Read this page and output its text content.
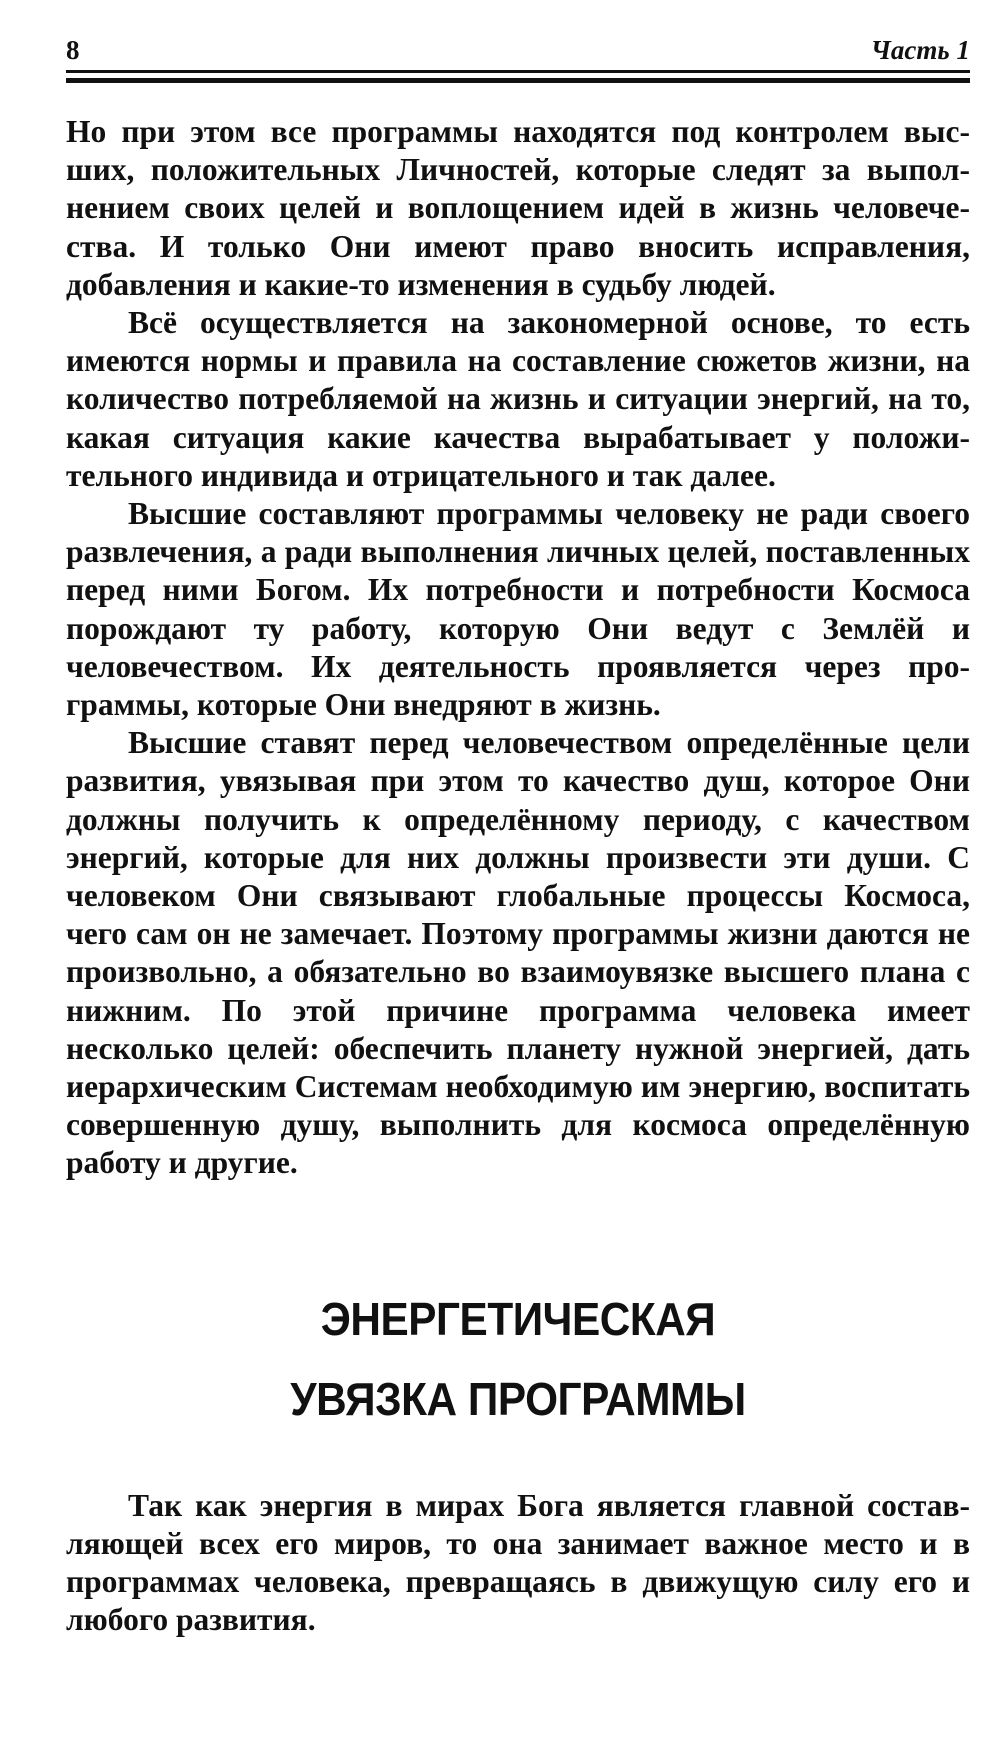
8	Часть 1

Но при этом все программы находятся под контролем высших, положительных Личностей, которые следят за выполнением своих целей и воплощением идей в жизнь человечества. И только Они имеют право вносить исправления, добавления и какие-то изменения в судьбу людей.

Всё осуществляется на закономерной основе, то есть имеются нормы и правила на составление сюжетов жизни, на количество потребляемой на жизнь и ситуации энергий, на то, какая ситуация какие качества вырабатывает у положительного индивида и отрицательного и так далее.

Высшие составляют программы человеку не ради своего развлечения, а ради выполнения личных целей, поставленных перед ними Богом. Их потребности и потребности Космоса порождают ту работу, которую Они ведут с Землёй и человечеством. Их деятельность проявляется через программы, которые Они внедряют в жизнь.

Высшие ставят перед человечеством определённые цели развития, увязывая при этом то качество душ, которое Они должны получить к определённому периоду, с качеством энергий, которые для них должны произвести эти души. С человеком Они связывают глобальные процессы Космоса, чего сам он не замечает. Поэтому программы жизни даются не произвольно, а обязательно во взаимоувязке высшего плана с нижним. По этой причине программа человека имеет несколько целей: обеспечить планету нужной энергией, дать иерархическим Системам необходимую им энергию, воспитать совершенную душу, выполнить для космоса определённую работу и другие.

ЭНЕРГЕТИЧЕСКАЯ
УВЯЗКА ПРОГРАММЫ

Так как энергия в мирах Бога является главной составляющей всех его миров, то она занимает важное место и в программах человека, превращаясь в движущую силу его и любого развития.
